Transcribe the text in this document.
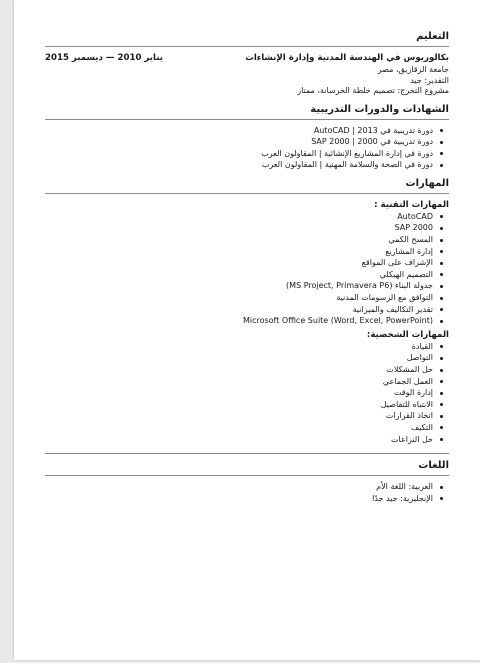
التعليم
بكالوريوس في الهندسة المدنية وإدارة الإنشاءات
يناير 2010 — ديسمبر 2015

جامعة الزقازيق، مصر

التقدير: جيد

مشروع التخرج: تصميم خلطة الخرسانة، ممتاز

الشهادات والدورات التدريبية
دورة تدريبية في 2013 | AutoCAD
دورة تدريبية في 2000 | SAP 2000
دورة في إدارة المشاريع الإنشائية | المقاولون العرب
دورة في الصحة والسلامة المهنية | المقاولون العرب
المهارات
المهارات التقنية :
AutoCAD
SAP 2000
المسح الكمي
إدارة المشاريع
الإشراف على المواقع
التصميم الهيكلي
جدولة البناء (MS Project, Primavera P6)
التوافق مع الرسومات المدنية
تقدير التكاليف والميزانية
Microsoft Office Suite (Word, Excel, PowerPoint)
المهارات الشخصية:
القيادة
التواصل
حل المشكلات
العمل الجماعي
إدارة الوقت
الانتباه للتفاصيل
اتخاذ القرارات
التكيف
حل النزاعات
اللغات
العربية: اللغة الأم
الإنجليزية: جيد جدًا
